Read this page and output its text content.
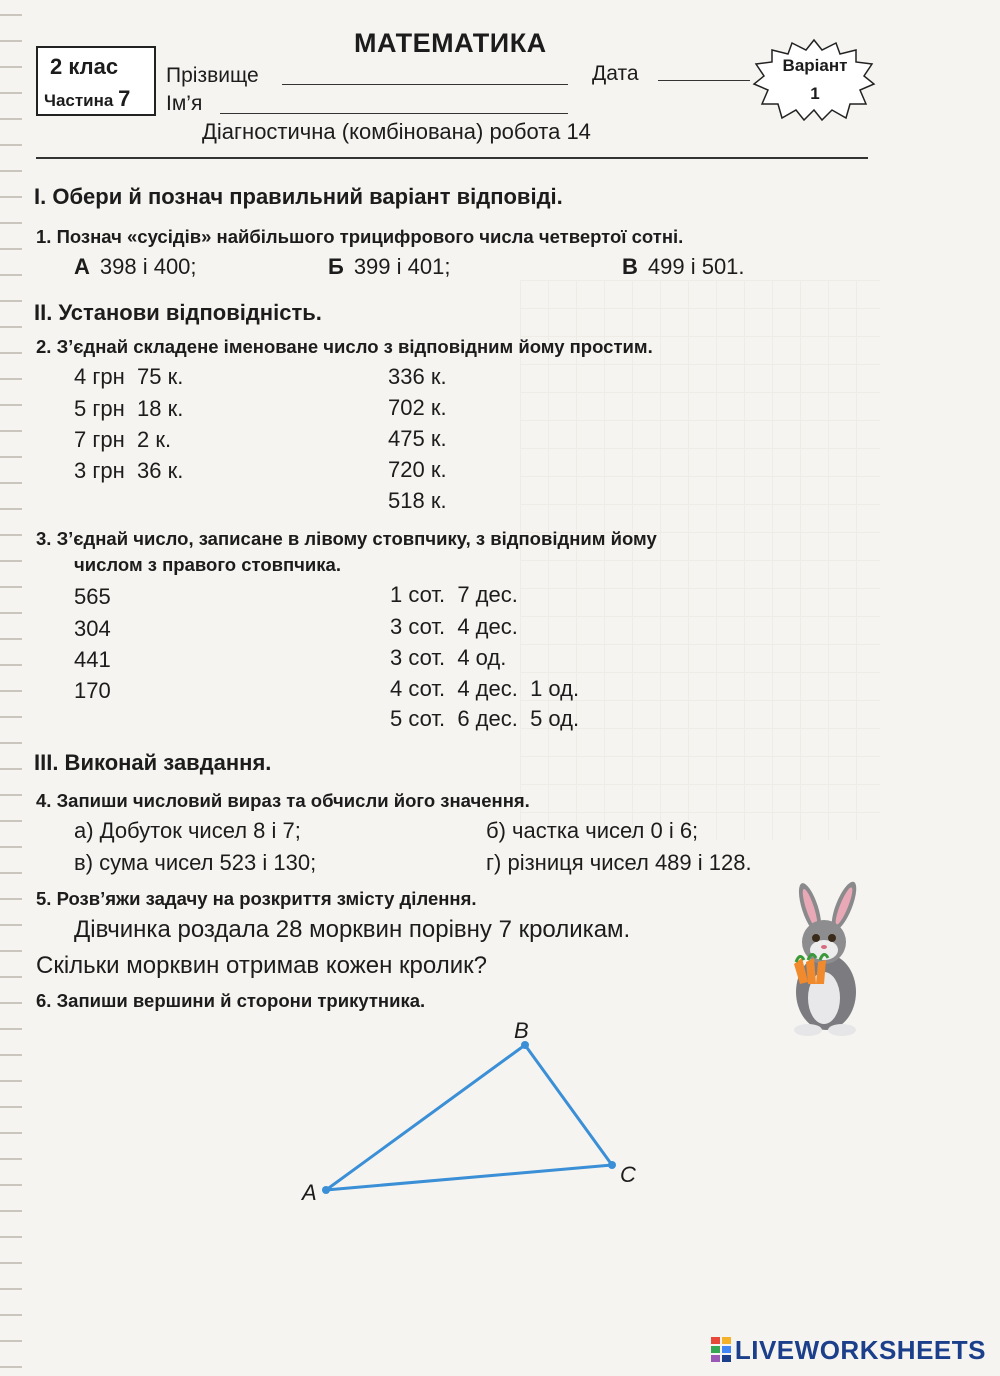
2 клас
Частина 7
МАТЕМАТИКА
Прізвище	Дата
Ім’я
Варіант
1
Діагностична (комбінована) робота 14
І. Обери й познач правильний варіант відповіді.
1. Познач «сусідів» найбільшого трицифрового числа четвертої сотні.
А 398 і 400;	Б 399 і 401;	В 499 і 501.
ІІ. Установи відповідність.
2. З’єднай складене іменоване число з відповідним йому простим.
4 грн  75 к.
5 грн  18 к.
7 грн  2 к.
3 грн  36 к.
336 к.
702 к.
475 к.
720 к.
518 к.
3. З’єднай число, записане в лівому стовпчику, з відповідним йому
числом з правого стовпчика.
565
304
441
170
1 сот.  7 дес.
3 сот.  4 дес.
3 сот.  4 од.
4 сот.  4 дес.  1 од.
5 сот.  6 дес.  5 од.
ІІІ. Виконай завдання.
4. Запиши числовий вираз та обчисли його значення.
а) Добуток чисел 8 і 7;	б) частка чисел 0 і 6;
в) сума чисел 523 і 130;	г) різниця чисел 489 і 128.
5. Розв’яжи задачу на розкриття змісту ділення.
Дівчинка роздала 28 морквин порівну 7 кроликам.
Скільки морквин отримав кожен кролик?
6. Запиши вершини й сторони трикутника.
A
B
C
LIVEWORKSHEETS
